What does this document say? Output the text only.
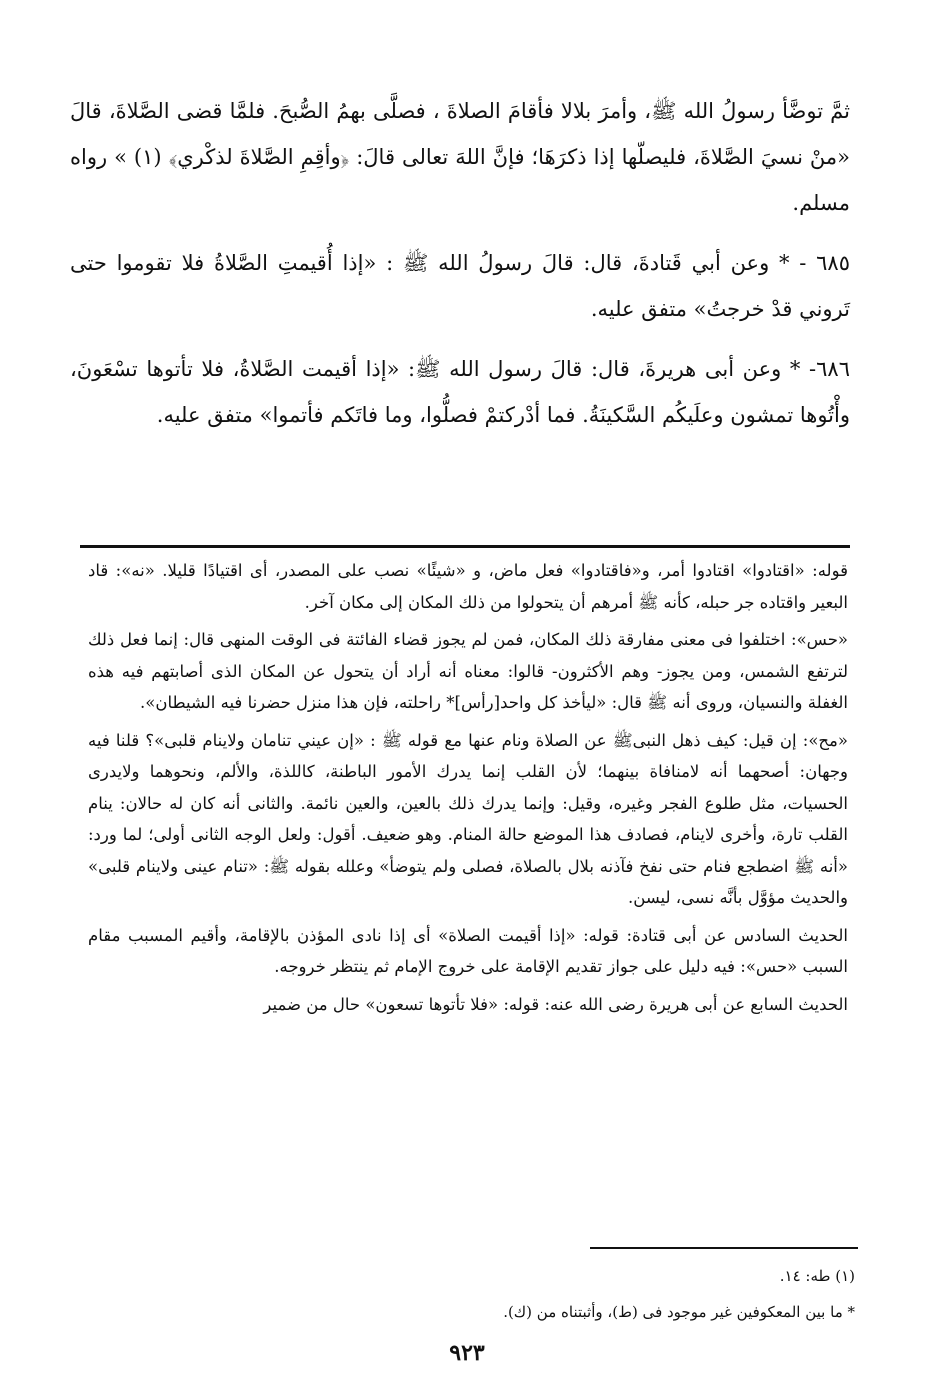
ثمَّ توضَّأ رسولُ الله ﷺ، وأمرَ بلالا فأقامَ الصلاةَ ، فصلَّى بهمُ الصُّبحَ. فلمَّا قضى الصَّلاةَ، قالَ «منْ نسيَ الصَّلاةَ، فليصلّها إذا ذكرَهَا؛ فإنَّ اللهَ تعالى قالَ: ﴿وأقِمِ الصَّلاةَ لذكْري﴾ (١) » رواه مسلم.

٦٨٥ - * وعن أبي قَتادةَ، قال: قالَ رسولُ الله ﷺ : «إذا أُقيمتِ الصَّلاةُ فلا تقوموا حتى تَروني قدْ خرجتُ» متفق عليه.

٦٨٦- * وعن أبى هريرةَ، قال: قالَ رسول الله ﷺ: «إذا أقيمت الصَّلاةُ، فلا تأتوها تسْعَونَ، وأْتُوها تمشون وعلَيكُم السَّكينَةُ. فما أدْركتمْ فصلُّوا، وما فاتَكم فأتموا» متفق عليه.

قوله: «اقتادوا» اقتادوا أمر، و«فاقتادوا» فعل ماض، و «شيئًا» نصب على المصدر، أى اقتيادًا قليلا. «نه»: قاد البعير واقتاده جر حبله، كأنه ﷺ أمرهم أن يتحولوا من ذلك المكان إلى مكان آخر.

«حس»: اختلفوا فى معنى مفارقة ذلك المكان، فمن لم يجوز قضاء الفائتة فى الوقت المنهى قال: إنما فعل ذلك لترتفع الشمس، ومن يجوز- وهم الأكثرون- قالوا: معناه أنه أراد أن يتحول عن المكان الذى أصابتهم فيه هذه الغفلة والنسيان، وروى أنه ﷺ قال: «ليأخذ كل واحد[رأس]* راحلته، فإن هذا منزل حضرنا فيه الشيطان».

«مح»: إن قيل: كيف ذهل النبىﷺ عن الصلاة ونام عنها مع قوله ﷺ : «إن عيني تنامان ولاينام قلبى»؟ قلنا فيه وجهان: أصحهما أنه لامنافاة بينهما؛ لأن القلب إنما يدرك الأمور الباطنة، كاللذة، والألم، ونحوهما ولايدرى الحسيات، مثل طلوع الفجر وغيره، وقيل: وإنما يدرك ذلك بالعين، والعين نائمة. والثانى أنه كان له حالان: ينام القلب تارة، وأخرى لاينام، فصادف هذا الموضع حالة المنام. وهو ضعيف. أقول: ولعل الوجه الثانى أولى؛ لما ورد: «أنه ﷺ اضطجع فنام حتى نفخ فآذنه بلال بالصلاة، فصلى ولم يتوضأ» وعلله بقوله ﷺ: «تنام عينى ولاينام قلبى» والحديث مؤوَّل بأنَّه نسى، ليسن.

الحديث السادس عن أبى قتادة: قوله: «إذا أقيمت الصلاة» أى إذا نادى المؤذن بالإقامة، وأقيم المسبب مقام السبب «حس»: فيه دليل على جواز تقديم الإقامة على خروج الإمام ثم ينتظر خروجه.

الحديث السابع عن أبى هريرة رضى الله عنه: قوله: «فلا تأتوها تسعون» حال من ضمير

(١) طه: ١٤.

* ما بين المعكوفين غير موجود فى (ط)، وأثبتناه من (ك).

٩٢٣
